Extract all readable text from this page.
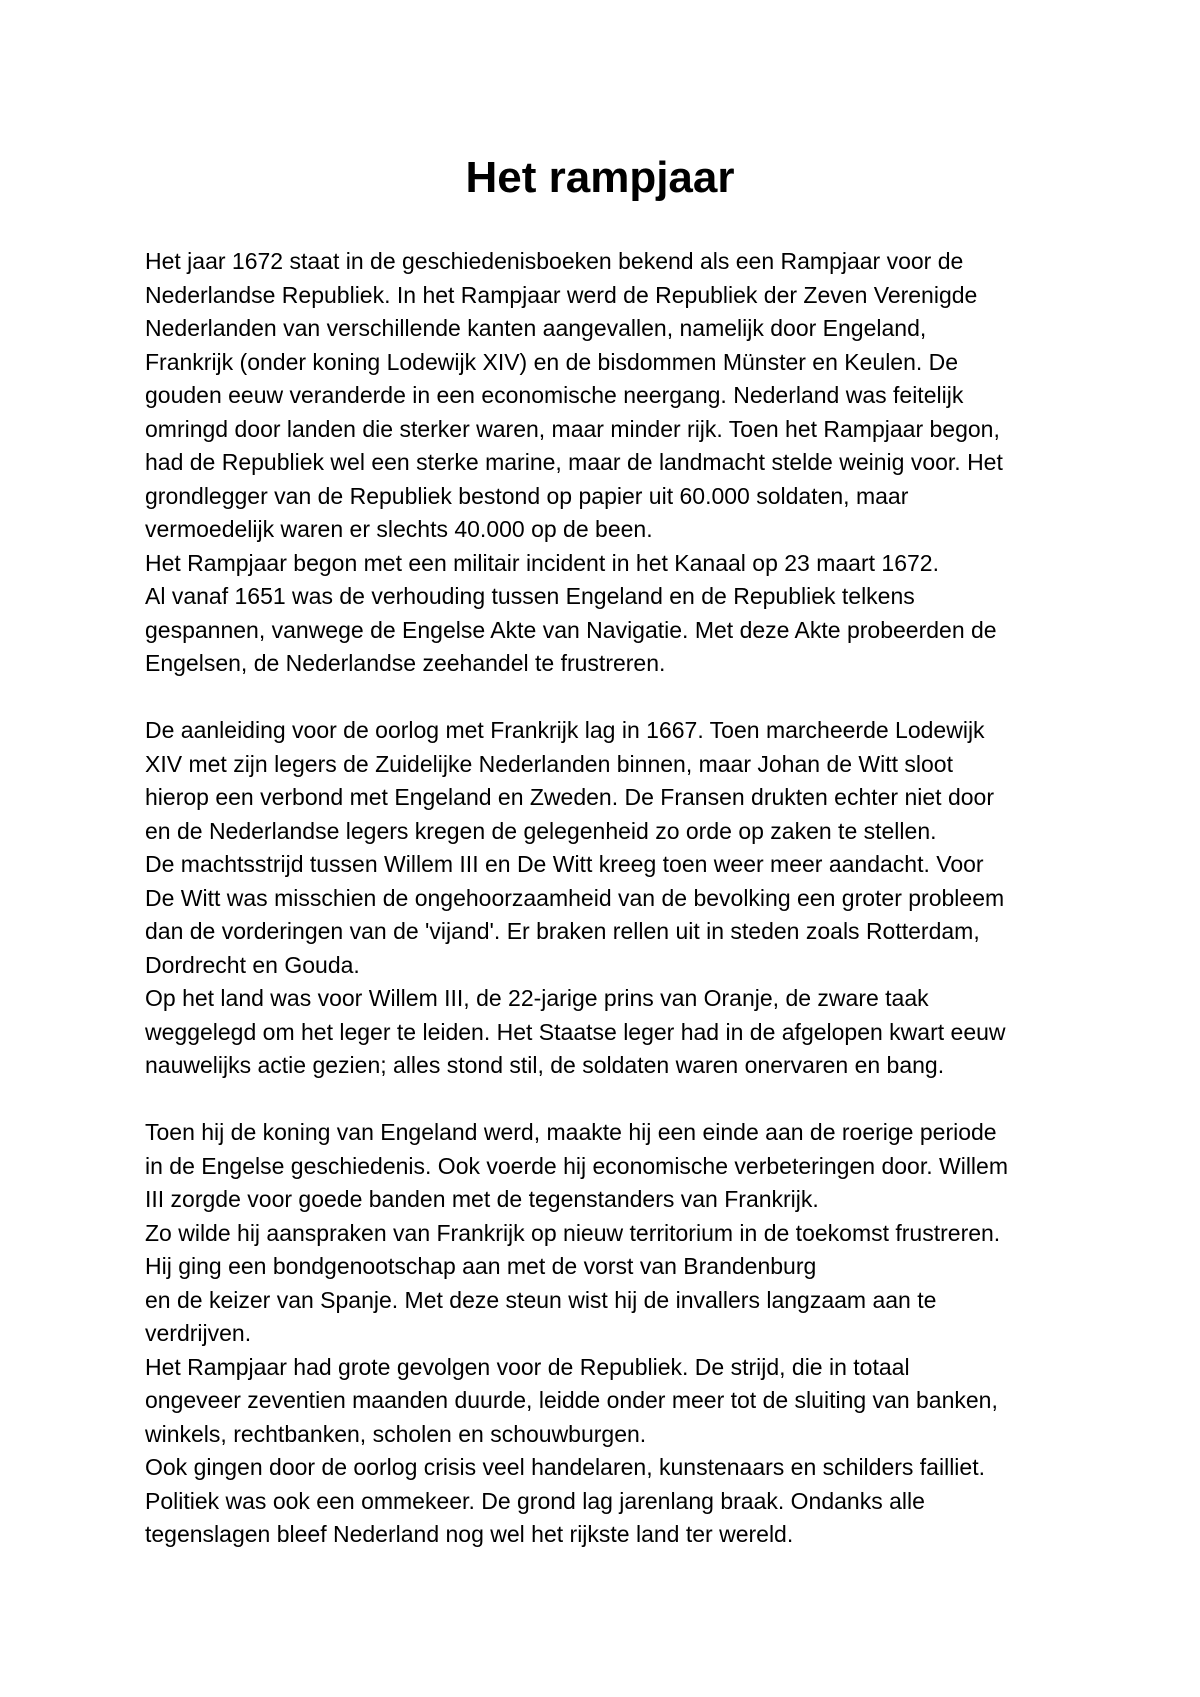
Het rampjaar
Het jaar 1672 staat in de geschiedenisboeken bekend als een Rampjaar voor de
Nederlandse Republiek. In het Rampjaar werd de Republiek der Zeven Verenigde
Nederlanden van verschillende kanten aangevallen, namelijk door Engeland,
Frankrijk (onder koning Lodewijk XIV) en de bisdommen Münster en Keulen. De
gouden eeuw veranderde in een economische neergang. Nederland was feitelijk
omringd door landen die sterker waren, maar minder rijk. Toen het Rampjaar begon,
had de Republiek wel een sterke marine, maar de landmacht stelde weinig voor. Het
grondlegger van de Republiek bestond op papier uit 60.000 soldaten, maar
vermoedelijk waren er slechts 40.000 op de been.
Het Rampjaar begon met een militair incident in het Kanaal op 23 maart 1672.
Al vanaf 1651 was de verhouding tussen Engeland en de Republiek telkens
gespannen, vanwege de Engelse Akte van Navigatie. Met deze Akte probeerden de
Engelsen, de Nederlandse zeehandel te frustreren.
De aanleiding voor de oorlog met Frankrijk lag in 1667. Toen marcheerde Lodewijk
XIV met zijn legers de Zuidelijke Nederlanden binnen, maar Johan de Witt sloot
hierop een verbond met Engeland en Zweden. De Fransen drukten echter niet door
en de Nederlandse legers kregen de gelegenheid zo orde op zaken te stellen.
De machtsstrijd tussen Willem III en De Witt kreeg toen weer meer aandacht. Voor
De Witt was misschien de ongehoorzaamheid van de bevolking een groter probleem
dan de vorderingen van de 'vijand'. Er braken rellen uit in steden zoals Rotterdam,
Dordrecht en Gouda.
Op het land was voor Willem III, de 22-jarige prins van Oranje, de zware taak
weggelegd om het leger te leiden. Het Staatse leger had in de afgelopen kwart eeuw
nauwelijks actie gezien; alles stond stil, de soldaten waren onervaren en bang.
Toen hij de koning van Engeland werd, maakte hij een einde aan de roerige periode
in de Engelse geschiedenis. Ook voerde hij economische verbeteringen door. Willem
III zorgde voor goede banden met de tegenstanders van Frankrijk.
Zo wilde hij aanspraken van Frankrijk op nieuw territorium in de toekomst frustreren.
Hij ging een bondgenootschap aan met de vorst van Brandenburg
en de keizer van Spanje. Met deze steun wist hij de invallers langzaam aan te
verdrijven.
Het Rampjaar had grote gevolgen voor de Republiek. De strijd, die in totaal
ongeveer zeventien maanden duurde, leidde onder meer tot de sluiting van banken,
winkels, rechtbanken, scholen en schouwburgen.
Ook gingen door de oorlog crisis veel handelaren, kunstenaars en schilders failliet.
Politiek was ook een ommekeer. De grond lag jarenlang braak. Ondanks alle
tegenslagen bleef Nederland nog wel het rijkste land ter wereld.
